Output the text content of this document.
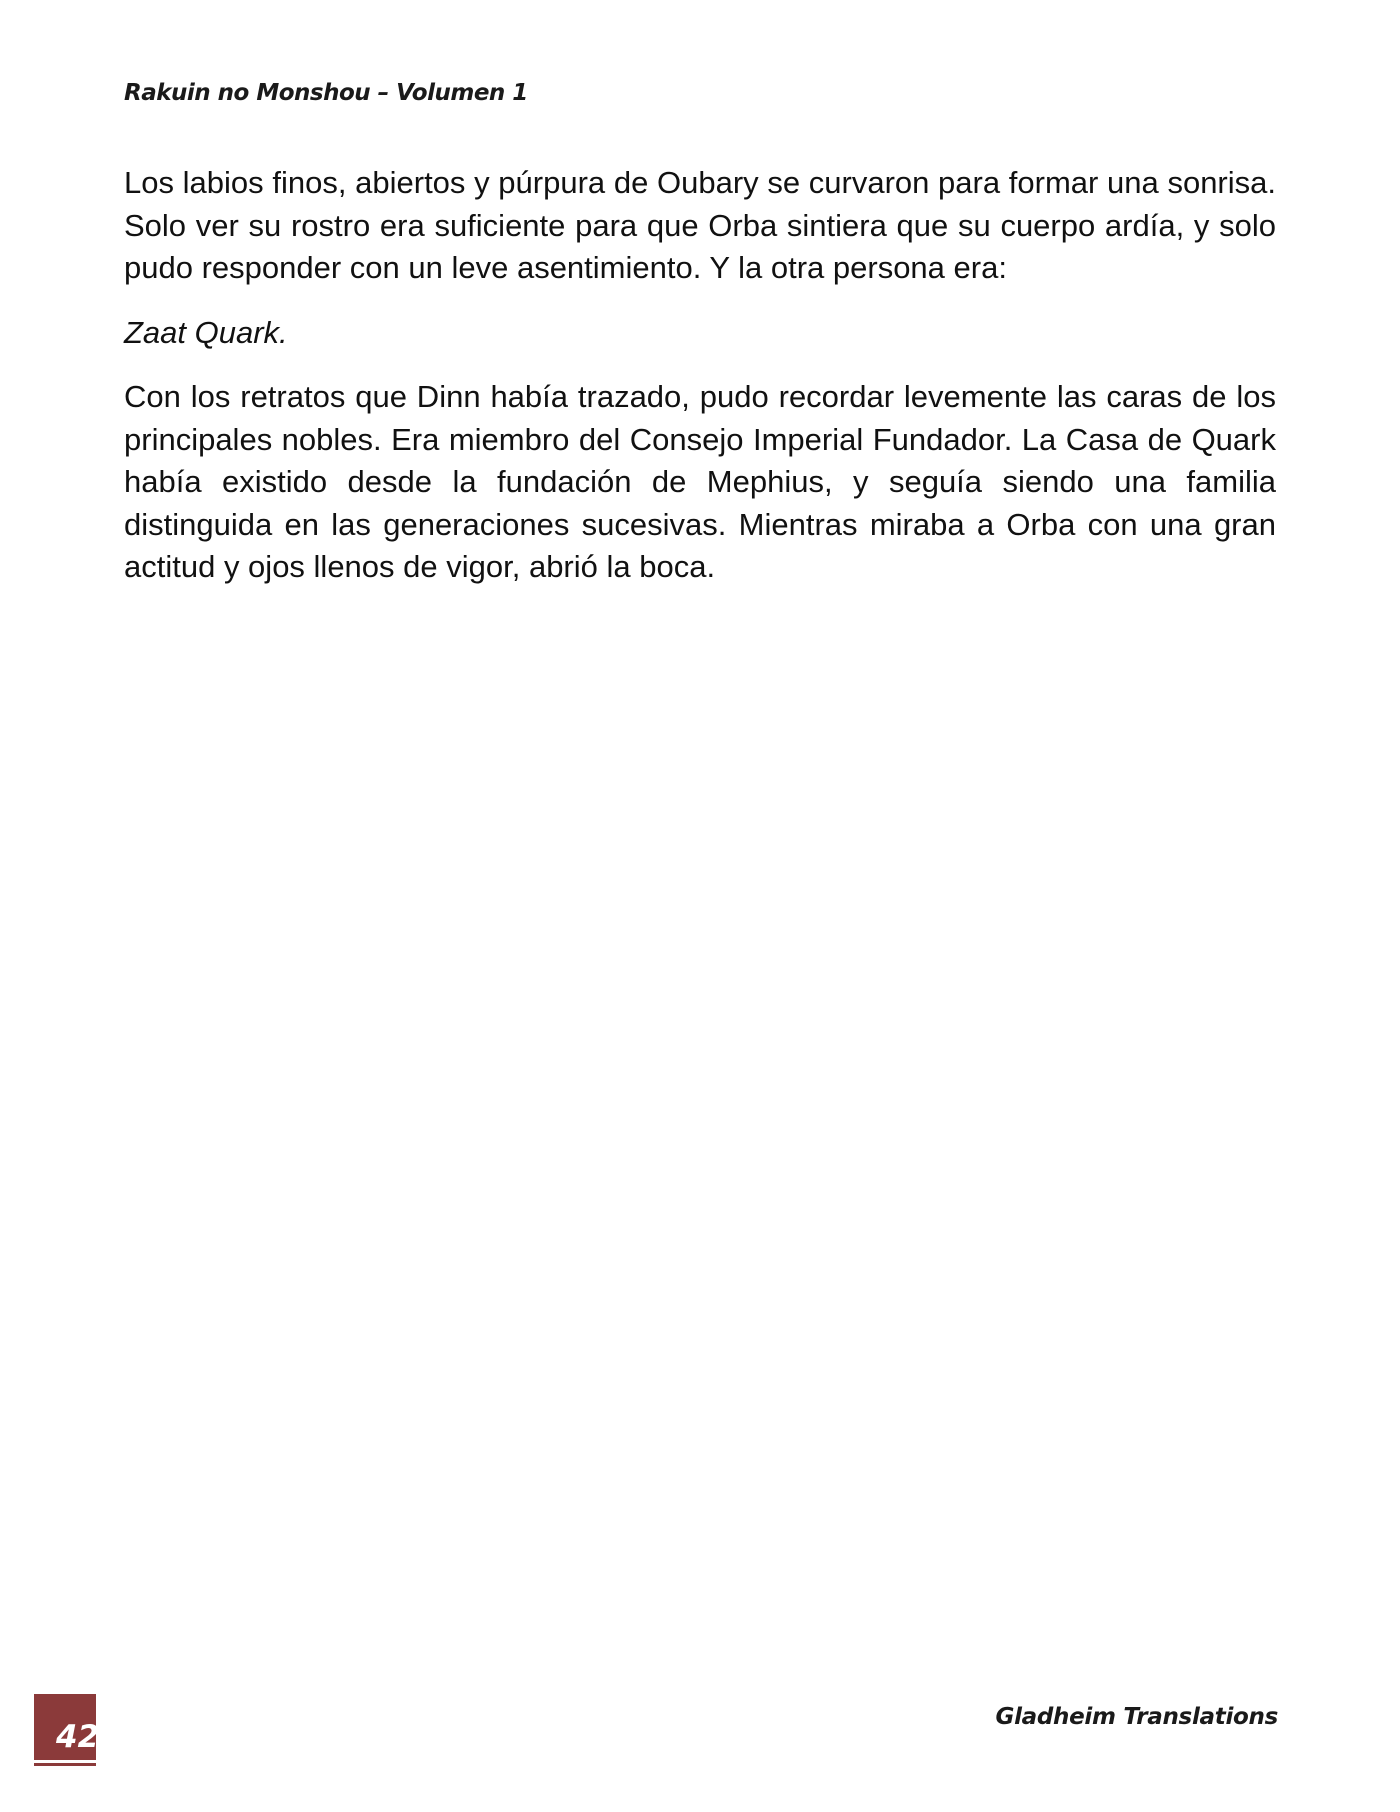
Rakuin no Monshou – Volumen 1

Los labios finos, abiertos y púrpura de Oubary se curvaron para formar una sonrisa. Solo ver su rostro era suficiente para que Orba sintiera que su cuerpo ardía, y solo pudo responder con un leve asentimiento. Y la otra persona era:

Zaat Quark.

Con los retratos que Dinn había trazado, pudo recordar levemente las caras de los principales nobles. Era miembro del Consejo Imperial Fundador. La Casa de Quark había existido desde la fundación de Mephius, y seguía siendo una familia distinguida en las generaciones sucesivas. Mientras miraba a Orba con una gran actitud y ojos llenos de vigor, abrió la boca.

42
Gladheim Translations
